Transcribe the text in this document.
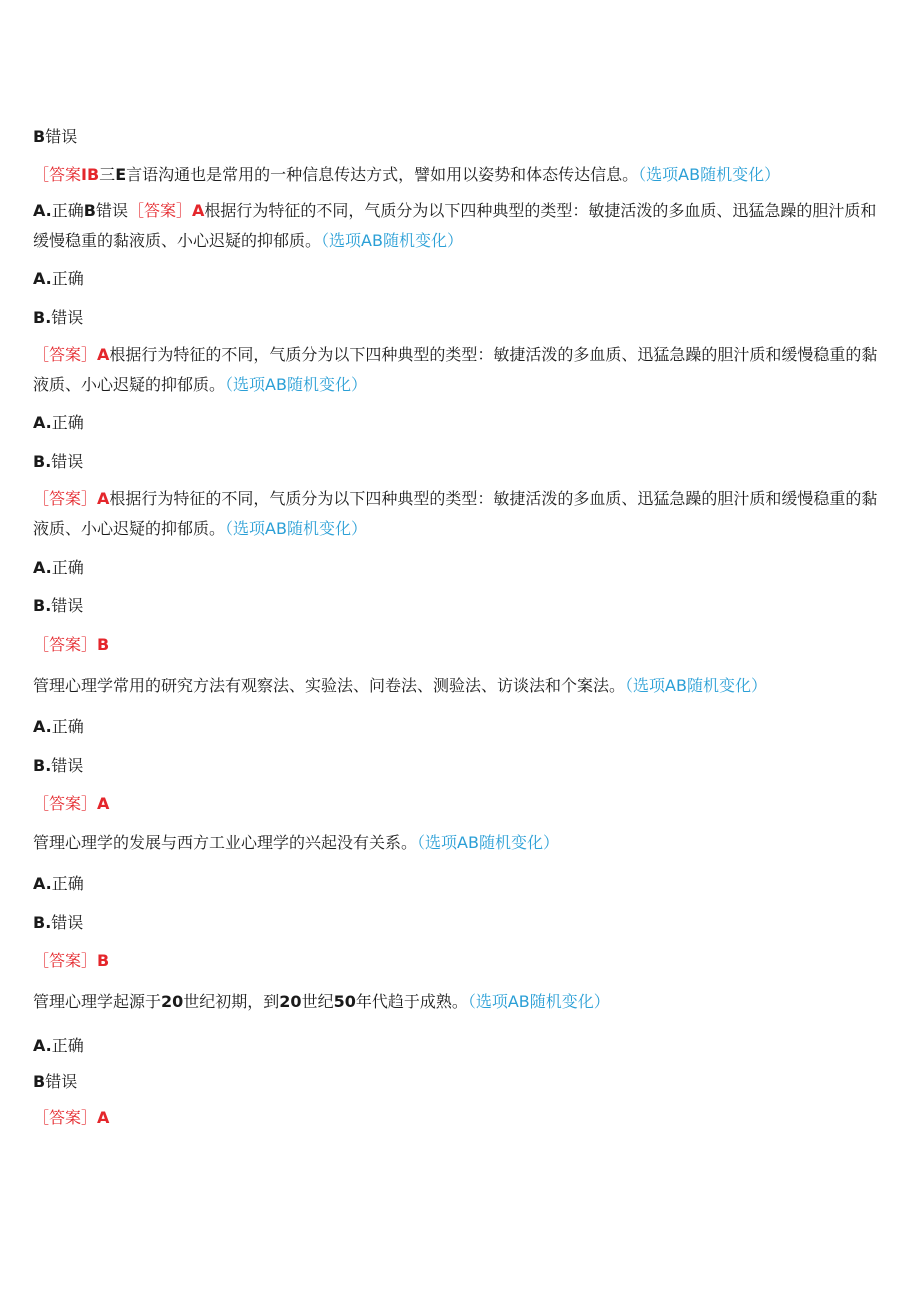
B错误
［答案IB三E言语沟通也是常用的一种信息传达方式，譬如用以姿势和体态传达信息。（选项AB随机变化）
A.正确B错误［答案］A根据行为特征的不同，气质分为以下四种典型的类型：敏捷活泼的多血质、迅猛急躁的胆汁质和缓慢稳重的黏液质、小心迟疑的抑郁质。（选项AB随机变化）
A.正确
B.错误
［答案］A根据行为特征的不同，气质分为以下四种典型的类型：敏捷活泼的多血质、迅猛急躁的胆汁质和缓慢稳重的黏液质、小心迟疑的抑郁质。（选项AB随机变化）
A.正确
B.错误
［答案］A根据行为特征的不同，气质分为以下四种典型的类型：敏捷活泼的多血质、迅猛急躁的胆汁质和缓慢稳重的黏液质、小心迟疑的抑郁质。（选项AB随机变化）
A.正确
B.错误
［答案］B
管理心理学常用的研究方法有观察法、实验法、问卷法、测验法、访谈法和个案法。（选项AB随机变化）
A.正确
B.错误
［答案］A
管理心理学的发展与西方工业心理学的兴起没有关系。（选项AB随机变化）
A.正确
B.错误
［答案］B
管理心理学起源于20世纪初期，到20世纪50年代趋于成熟。（选项AB随机变化）
A.正确
B错误
［答案］A
